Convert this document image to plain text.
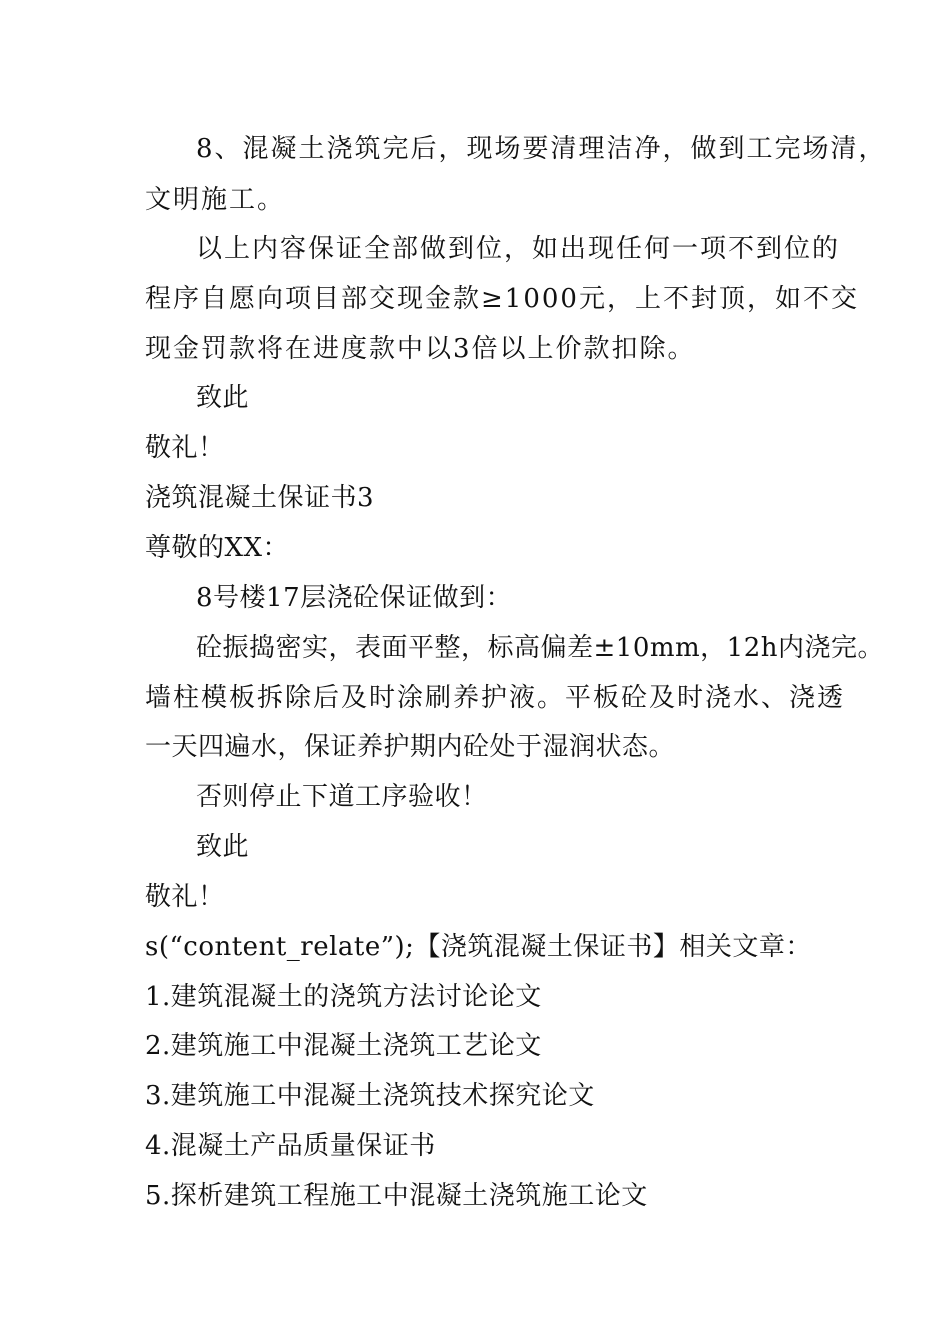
8、混凝土浇筑完后，现场要清理洁净，做到工完场清，
文明施工。
以上内容保证全部做到位，如出现任何一项不到位的
程序自愿向项目部交现金款≥1000元，上不封顶，如不交
现金罚款将在进度款中以3倍以上价款扣除。
致此
敬礼！
浇筑混凝土保证书3
尊敬的XX：
8号楼17层浇砼保证做到：
砼振捣密实，表面平整，标高偏差±10mm，12h内浇完。
墙柱模板拆除后及时涂刷养护液。平板砼及时浇水、浇透
一天四遍水，保证养护期内砼处于湿润状态。
否则停止下道工序验收！
致此
敬礼！
s(“content_relate”);【浇筑混凝土保证书】相关文章：
1.建筑混凝土的浇筑方法讨论论文
2.建筑施工中混凝土浇筑工艺论文
3.建筑施工中混凝土浇筑技术探究论文
4.混凝土产品质量保证书
5.探析建筑工程施工中混凝土浇筑施工论文
